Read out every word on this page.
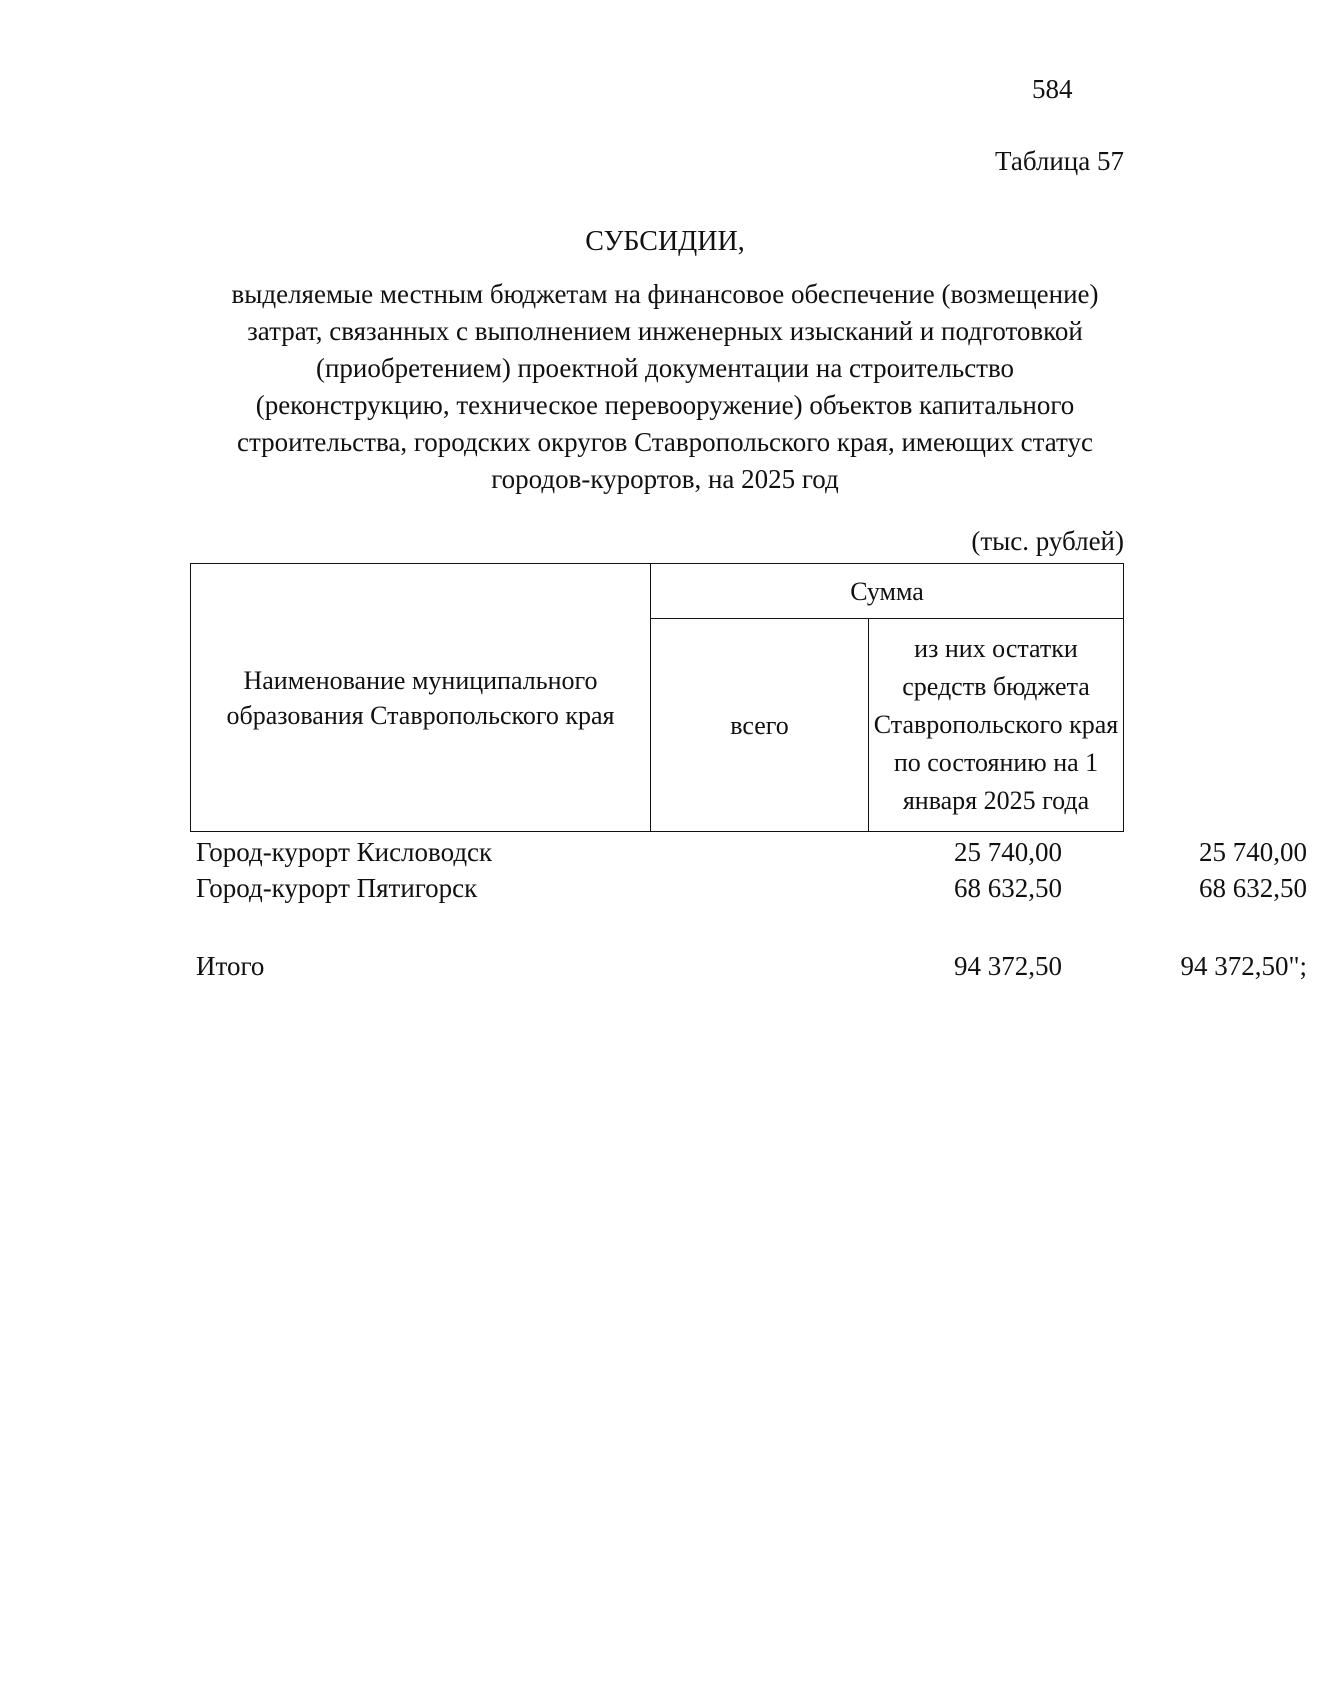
584
Таблица 57
СУБСИДИИ,
выделяемые местным бюджетам на финансовое обеспечение (возмещение)
затрат, связанных с выполнением инженерных изысканий и подготовкой
(приобретением) проектной документации на строительство
(реконструкцию, техническое перевооружение) объектов капитального
строительства, городских округов Ставропольского края, имеющих статус
городов-курортов, на 2025 год
(тыс. рублей)
Наименование муниципального образования Ставропольского края	Сумма	
	всего	из них остатки средств бюджета Ставропольского края по состоянию на 1 января 2025 года
Город-курорт Кисловодск	25 740,00	25 740,00
Город-курорт Пятигорск	68 632,50	68 632,50
Итого	94 372,50	94 372,50";
